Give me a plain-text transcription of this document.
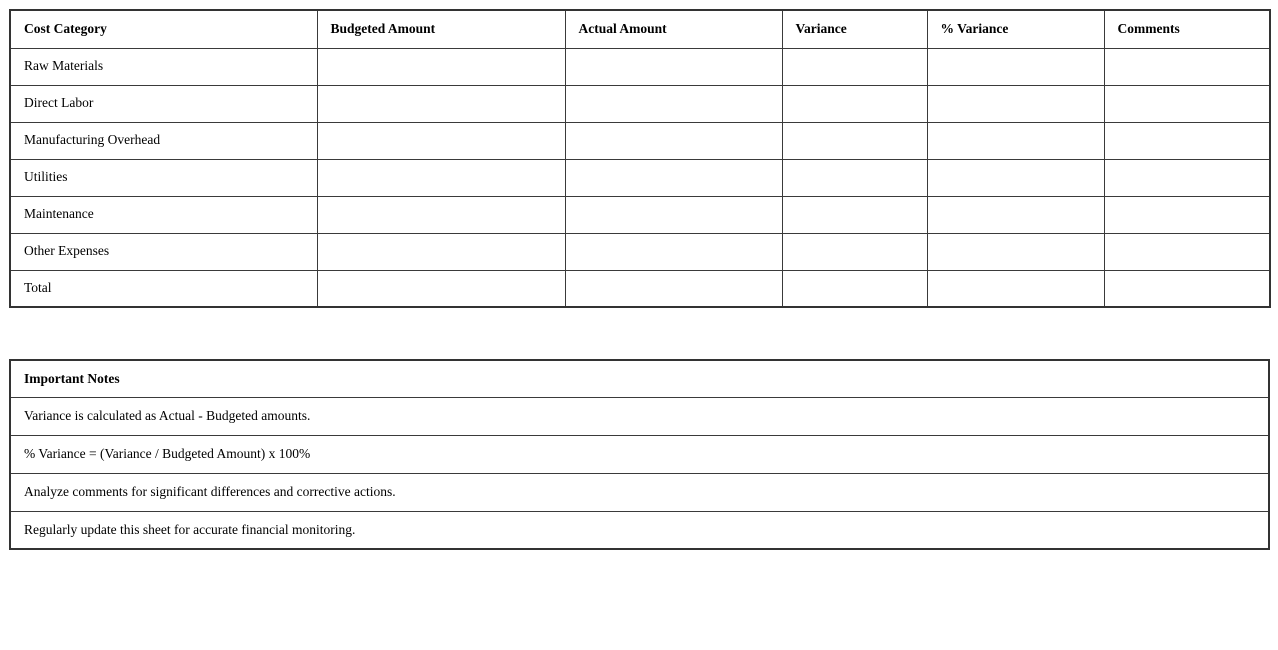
Cost Category	Budgeted Amount	Actual Amount	Variance	% Variance	Comments
Raw Materials					
Direct Labor					
Manufacturing Overhead					
Utilities					
Maintenance					
Other Expenses					
Total					
Important Notes
Variance is calculated as Actual - Budgeted amounts.
% Variance = (Variance / Budgeted Amount) x 100%
Analyze comments for significant differences and corrective actions.
Regularly update this sheet for accurate financial monitoring.
